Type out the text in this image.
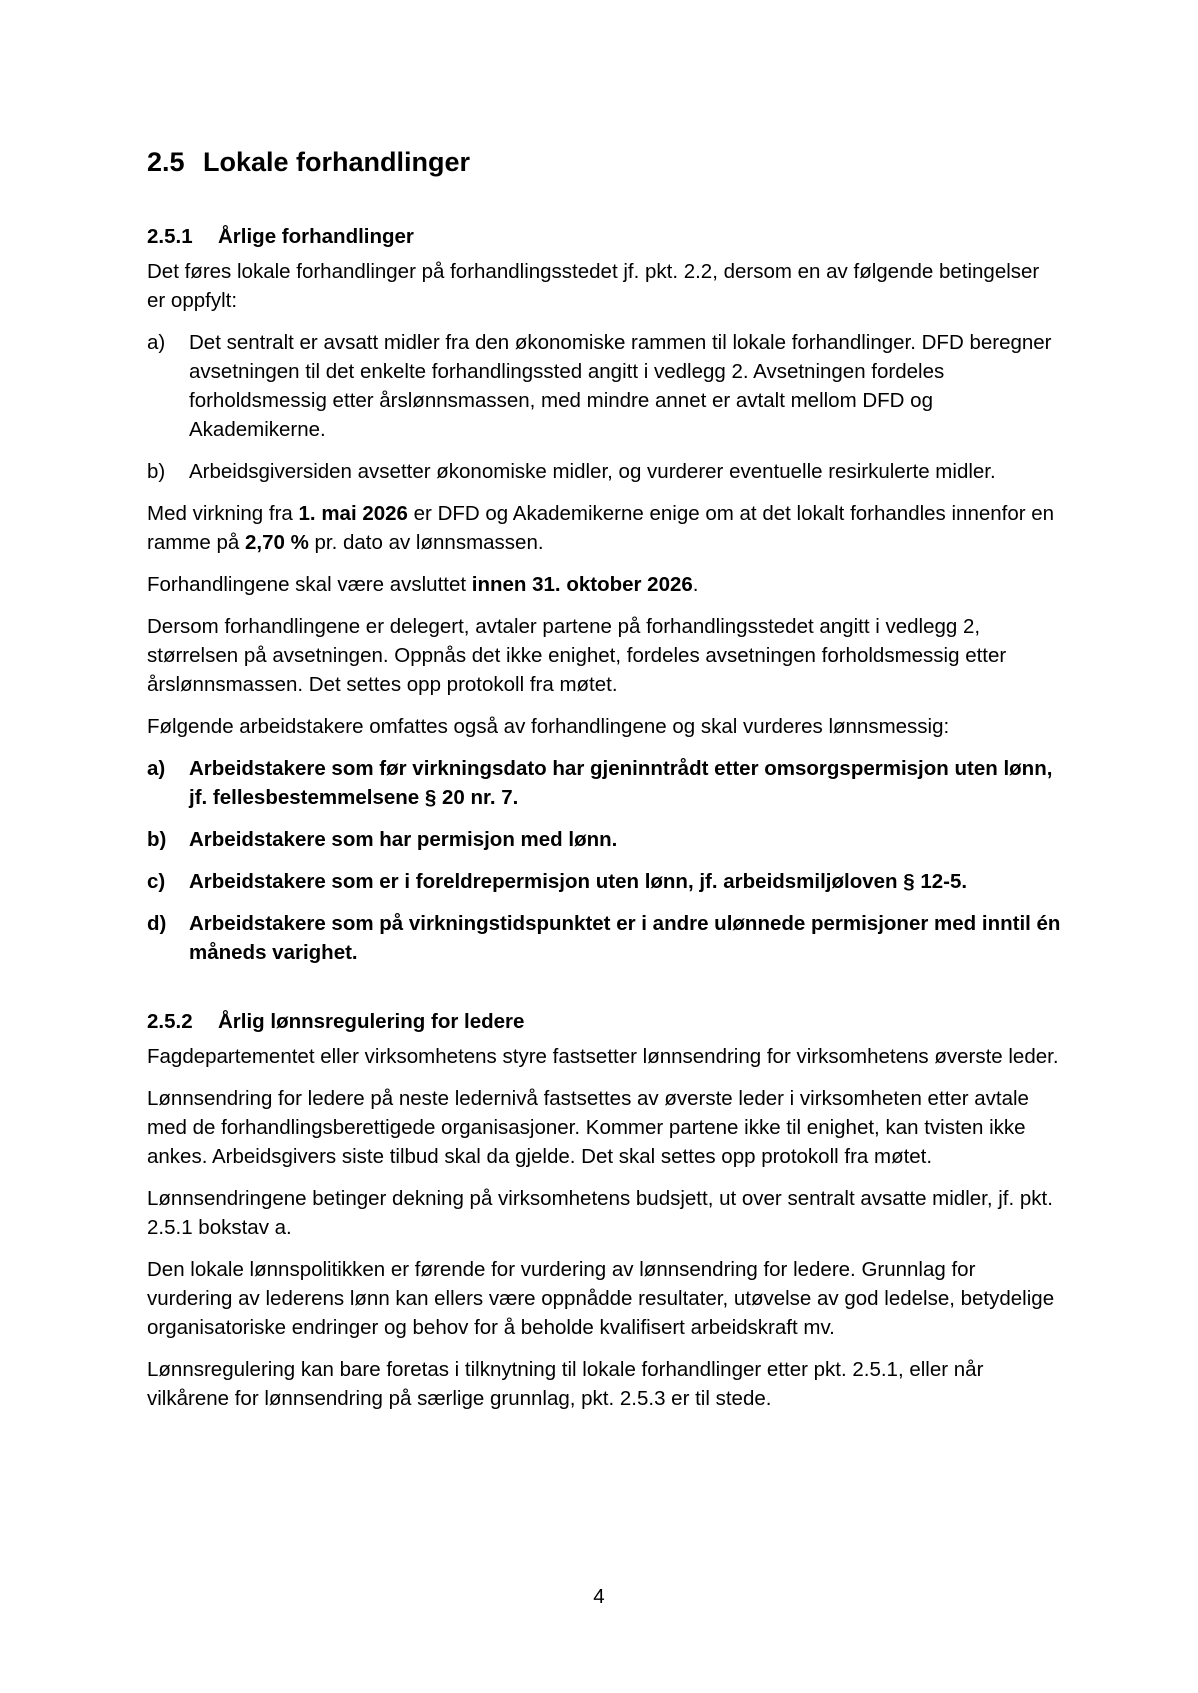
2.5 Lokale forhandlinger
2.5.1 Årlige forhandlinger

Det føres lokale forhandlinger på forhandlingsstedet jf. pkt. 2.2, dersom en av følgende betingelser er oppfylt:

a)	Det sentralt er avsatt midler fra den økonomiske rammen til lokale forhandlinger. DFD beregner avsetningen til det enkelte forhandlingssted angitt i vedlegg 2. Avsetningen fordeles forholdsmessig etter årslønnsmassen, med mindre annet er avtalt mellom DFD og Akademikerne.
b)	Arbeidsgiversiden avsetter økonomiske midler, og vurderer eventuelle resirkulerte midler.

Med virkning fra 1. mai 2026 er DFD og Akademikerne enige om at det lokalt forhandles innenfor en ramme på 2,70 % pr. dato av lønnsmassen.

Forhandlingene skal være avsluttet innen 31. oktober 2026.

Dersom forhandlingene er delegert, avtaler partene på forhandlingsstedet angitt i vedlegg 2, størrelsen på avsetningen. Oppnås det ikke enighet, fordeles avsetningen forholdsmessig etter årslønnsmassen. Det settes opp protokoll fra møtet.

Følgende arbeidstakere omfattes også av forhandlingene og skal vurderes lønnsmessig:

a)	Arbeidstakere som før virkningsdato har gjeninntrådt etter omsorgspermisjon uten lønn, jf. fellesbestemmelsene § 20 nr. 7.
b)	Arbeidstakere som har permisjon med lønn.
c)	Arbeidstakere som er i foreldrepermisjon uten lønn, jf. arbeidsmiljøloven § 12-5.
d)	Arbeidstakere som på virkningstidspunktet er i andre ulønnede permisjoner med inntil én måneds varighet.
2.5.2 Årlig lønnsregulering for ledere

Fagdepartementet eller virksomhetens styre fastsetter lønnsendring for virksomhetens øverste leder.

Lønnsendring for ledere på neste ledernivå fastsettes av øverste leder i virksomheten etter avtale med de forhandlingsberettigede organisasjoner. Kommer partene ikke til enighet, kan tvisten ikke ankes. Arbeidsgivers siste tilbud skal da gjelde. Det skal settes opp protokoll fra møtet.

Lønnsendringene betinger dekning på virksomhetens budsjett, ut over sentralt avsatte midler, jf. pkt. 2.5.1 bokstav a.

Den lokale lønnspolitikken er førende for vurdering av lønnsendring for ledere. Grunnlag for vurdering av lederens lønn kan ellers være oppnådde resultater, utøvelse av god ledelse, betydelige organisatoriske endringer og behov for å beholde kvalifisert arbeidskraft mv.

Lønnsregulering kan bare foretas i tilknytning til lokale forhandlinger etter pkt. 2.5.1, eller når vilkårene for lønnsendring på særlige grunnlag, pkt. 2.5.3 er til stede.

4
